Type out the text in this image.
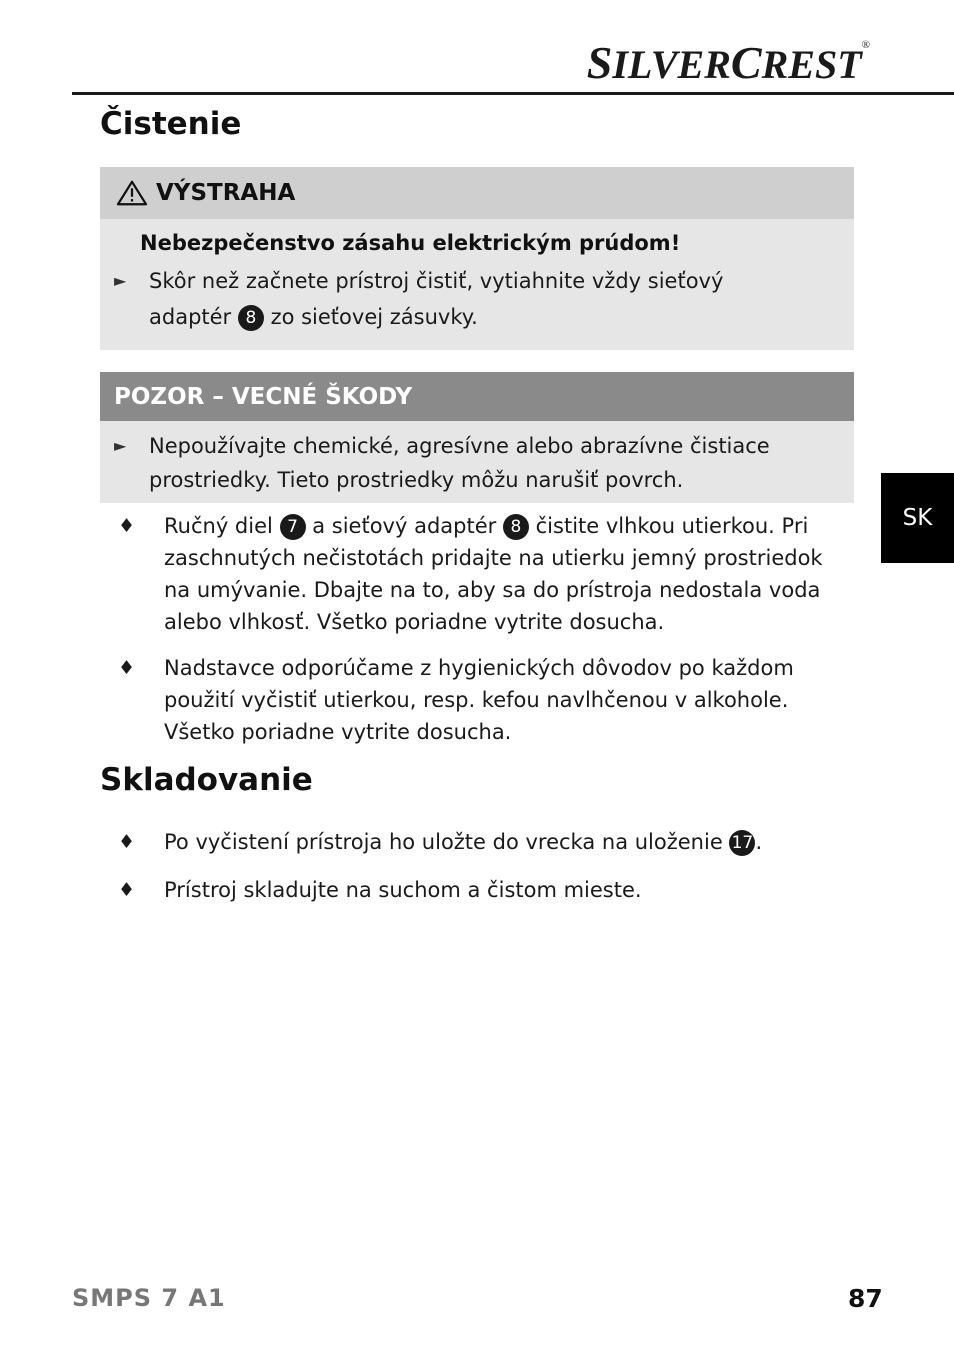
SILVERCREST®
Čistenie
VÝSTRAHA
Nebezpečenstvo zásahu elektrickým prúdom!
► Skôr než začnete prístroj čistiť, vytiahnite vždy sieťový
adaptér 8 zo sieťovej zásuvky.
POZOR – VECNÉ ŠKODY
► Nepoužívajte chemické, agresívne alebo abrazívne čistiace
prostriedky. Tieto prostriedky môžu narušiť povrch.
♦ Ručný diel 7 a sieťový adaptér 8 čistite vlhkou utierkou. Pri
zaschnutých nečistotách pridajte na utierku jemný prostriedok
na umývanie. Dbajte na to, aby sa do prístroja nedostala voda
alebo vlhkosť. Všetko poriadne vytrite dosucha.
♦ Nadstavce odporúčame z hygienických dôvodov po každom
použití vyčistiť utierkou, resp. kefou navlhčenou v alkohole.
Všetko poriadne vytrite dosucha.
Skladovanie
♦ Po vyčistení prístroja ho uložte do vrecka na uloženie 17 .
♦ Prístroj skladujte na suchom a čistom mieste.
SK
SMPS 7 A1	87
